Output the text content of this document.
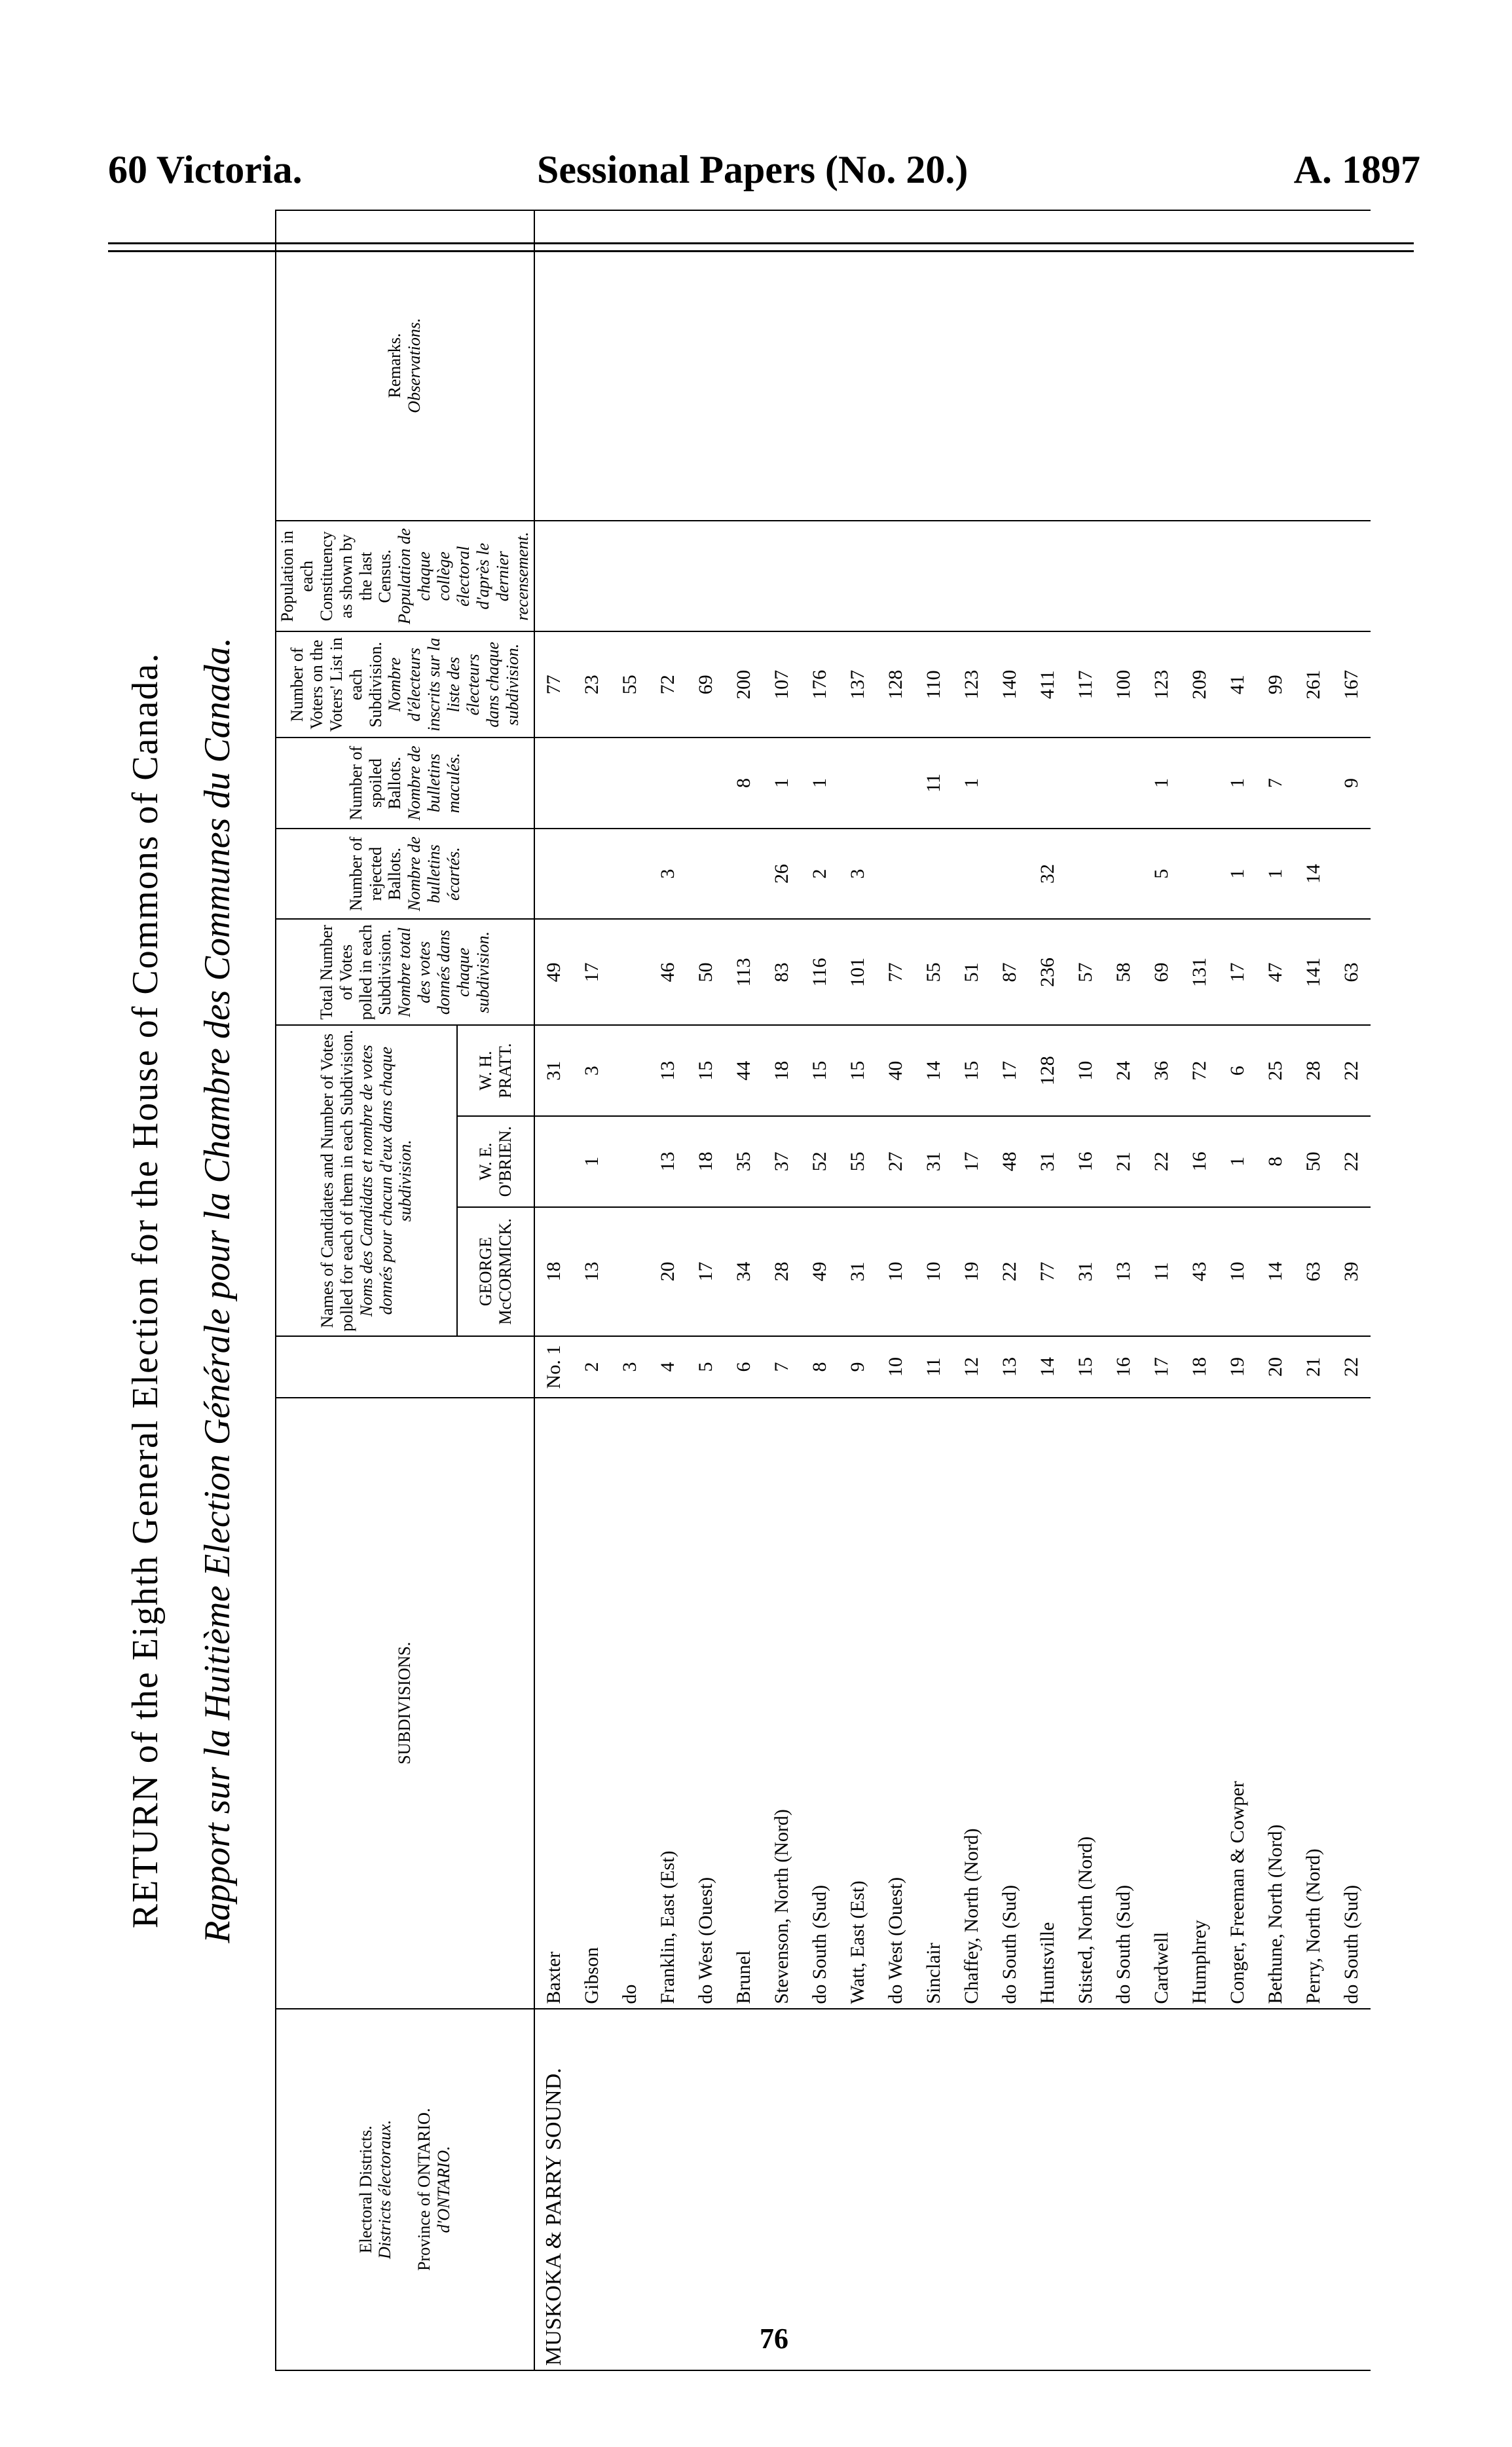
60 Victoria.	Sessional Papers (No. 20.)	A. 1897
RETURN of the Eighth General Election for the House of Commons of Canada. Rapport sur la Huitième Election Générale pour la Chambre des Communes du Canada.
Electoral Districts. Districts électoraux. Province of ONTARIO. d'ONTARIO.	SUBDIVISIONS.		Names of Candidates and Number of Votes polled for each of them in each Subdivision. Noms des Candidats et nombre de votes donnés pour chacun d'eux dans chaque subdivision.			Total Number of Votes polled in each Subdivision. Nombre total des votes donnés dans chaque subdivision.	Number of rejected Ballots. Nombre de bulletins écartés.	Number of spoiled Ballots. Nombre de bulletins maculés.	Number of Voters on the Voters' List in each Subdivision. Nombre d'électeurs inscrits sur la liste des électeurs dans chaque subdivision.	Population in each Constituency as shown by the last Census. Population de chaque collège électoral d'après le dernier recensement.	Remarks. Observations.

			GEORGE McCORMICK.	W. E. O'BRIEN.	W. H. PRATT.						
MUSKOKA & PARRY SOUND.	Baxter	No. 1	18		31	49			77		
	Gibson	2	13	1	3	17			23		
	do	3							55		
	Franklin, East (Est)	4	20	13	13	46	3		72		
	do West (Ouest)	5	17	18	15	50			69		
	Brunel	6	34	35	44	113		8	200		
	Stevenson, North (Nord)	7	28	37	18	83	26	1	107		
	do South (Sud)	8	49	52	15	116	2	1	176		
	Watt, East (Est)	9	31	55	15	101	3		137		
	do West (Ouest)	10	10	27	40	77			128		
	Sinclair	11	10	31	14	55		11	110		
	Chaffey, North (Nord)	12	19	17	15	51		1	123		
	do South (Sud)	13	22	48	17	87			140		
	Huntsville	14	77	31	128	236	32		411		
	Stisted, North (Nord)	15	31	16	10	57			117		
	do South (Sud)	16	13	21	24	58			100		
	Cardwell	17	11	22	36	69	5	1	123		
	Humphrey	18	43	16	72	131			209		
	Conger, Freeman & Cowper	19	10	1	6	17	1	1	41		
	Bethune, North (Nord)	20	14	8	25	47	1	7	99		
	Perry, North (Nord)	21	63	50	28	141	14		261		
	do South (Sud)	22	39	22	22	63		9	167		
76
